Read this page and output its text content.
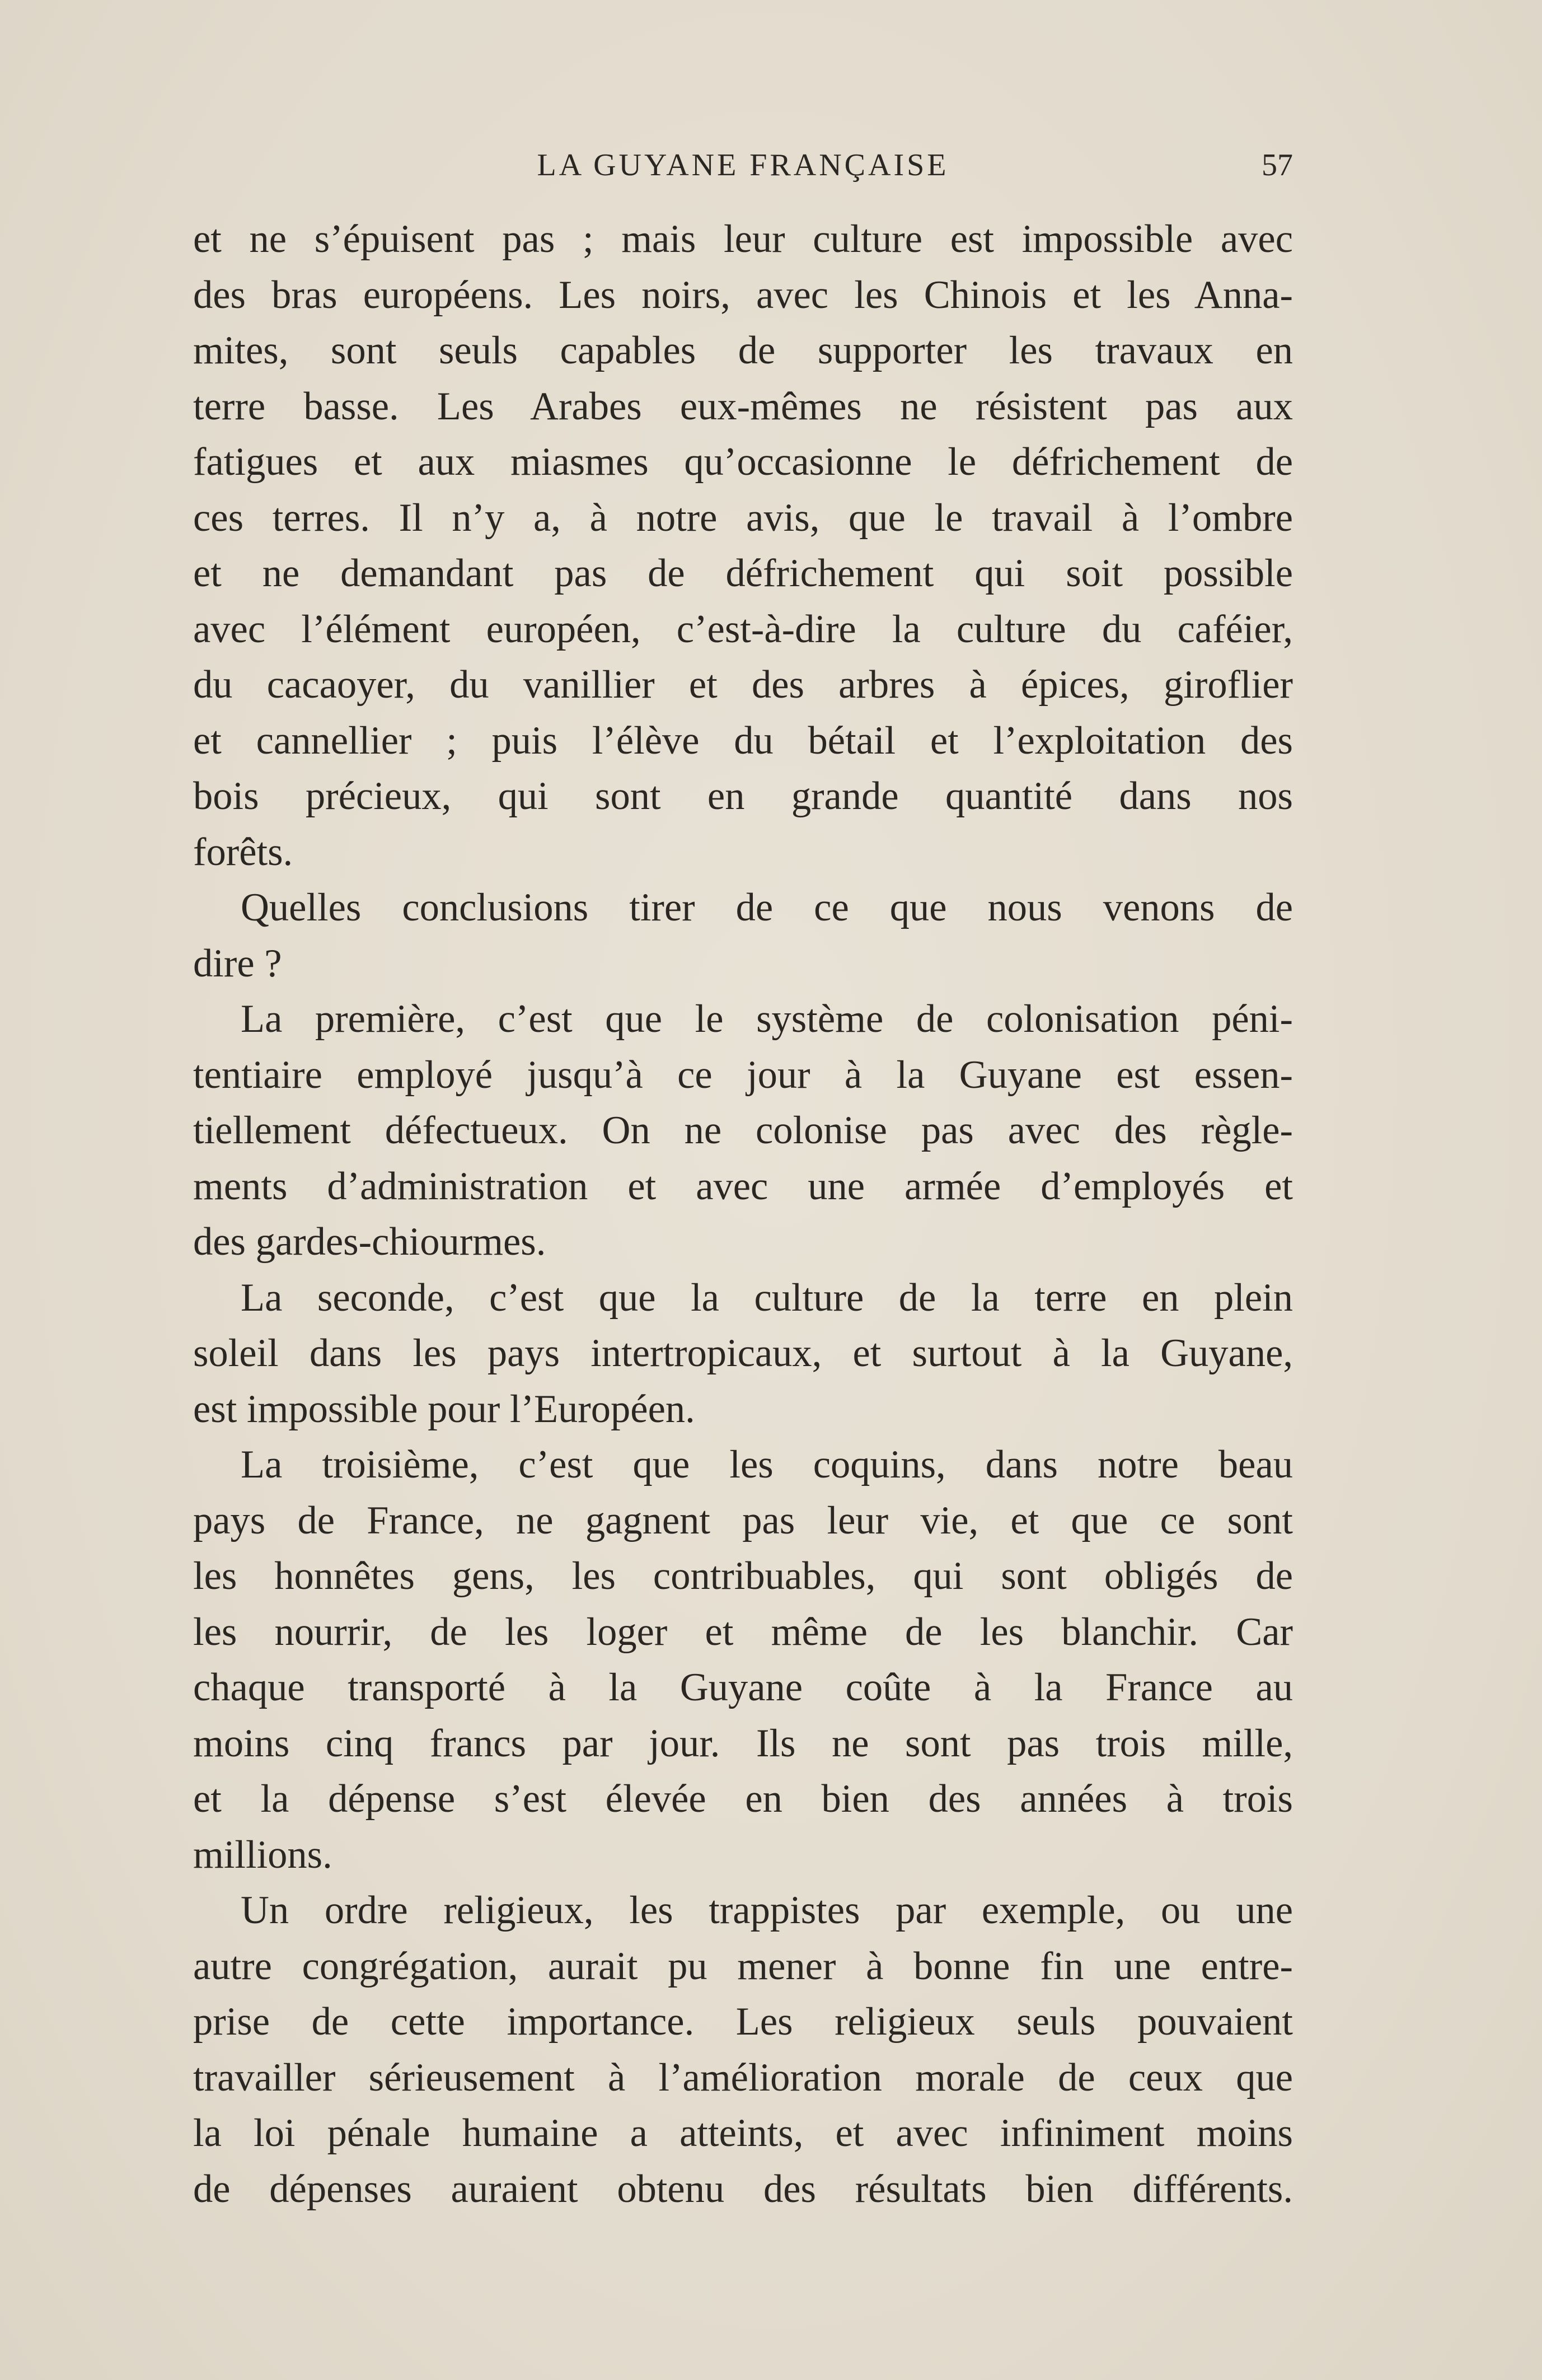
LA GUYANE FRANÇAISE	57

et ne s’épuisent pas ; mais leur culture est impossible avec

des bras européens. Les noirs, avec les Chinois et les Anna-

mites, sont seuls capables de supporter les travaux en

terre basse. Les Arabes eux-mêmes ne résistent pas aux

fatigues et aux miasmes qu’occasionne le défrichement de

ces terres. Il n’y a, à notre avis, que le travail à l’ombre

et ne demandant pas de défrichement qui soit possible

avec l’élément européen, c’est-à-dire la culture du caféier,

du cacaoyer, du vanillier et des arbres à épices, giroflier

et cannellier ; puis l’élève du bétail et l’exploitation des

bois précieux, qui sont en grande quantité dans nos

forêts.

Quelles conclusions tirer de ce que nous venons de

dire ?

La première, c’est que le système de colonisation péni-

tentiaire employé jusqu’à ce jour à la Guyane est essen-

tiellement défectueux. On ne colonise pas avec des règle-

ments d’administration et avec une armée d’employés et

des gardes-chiourmes.

La seconde, c’est que la culture de la terre en plein

soleil dans les pays intertropicaux, et surtout à la Guyane,

est impossible pour l’Européen.

La troisième, c’est que les coquins, dans notre beau

pays de France, ne gagnent pas leur vie, et que ce sont

les honnêtes gens, les contribuables, qui sont obligés de

les nourrir, de les loger et même de les blanchir. Car

chaque transporté à la Guyane coûte à la France au

moins cinq francs par jour. Ils ne sont pas trois mille,

et la dépense s’est élevée en bien des années à trois

millions.

Un ordre religieux, les trappistes par exemple, ou une

autre congrégation, aurait pu mener à bonne fin une entre-

prise de cette importance. Les religieux seuls pouvaient

travailler sérieusement à l’amélioration morale de ceux que

la loi pénale humaine a atteints, et avec infiniment moins

de dépenses auraient obtenu des résultats bien différents.
